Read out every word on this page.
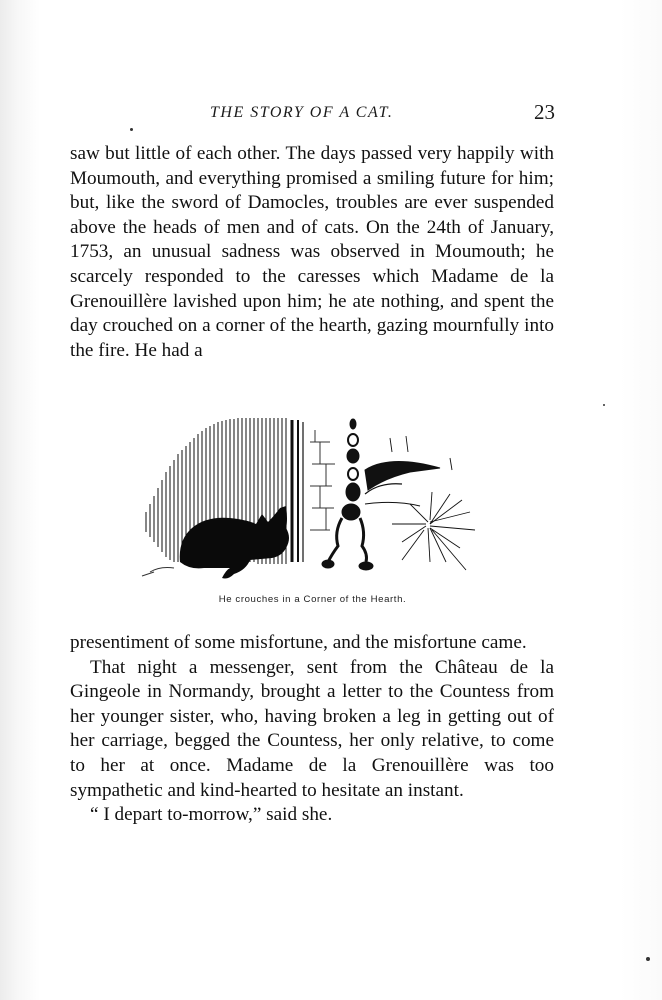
THE STORY OF A CAT.	23

saw but little of each other. The days passed very happily with Moumouth, and everything promised a smiling future for him; but, like the sword of Damocles, troubles are ever suspended above the heads of men and of cats. On the 24th of January, 1753, an unusual sadness was observed in Moumouth; he scarcely responded to the caresses which Madame de la Grenouillère lavished upon him; he ate nothing, and spent the day crouched on a corner of the hearth, gazing mournfully into the fire. He had a

He crouches in a Corner of the Hearth.

presentiment of some misfortune, and the misfortune came.

That night a messenger, sent from the Château de la Gingeole in Normandy, brought a letter to the Countess from her younger sister, who, having broken a leg in getting out of her carriage, begged the Countess, her only relative, to come to her at once. Madame de la Grenouillère was too sympathetic and kind-hearted to hesitate an instant.

“ I depart to-morrow,” said she.
